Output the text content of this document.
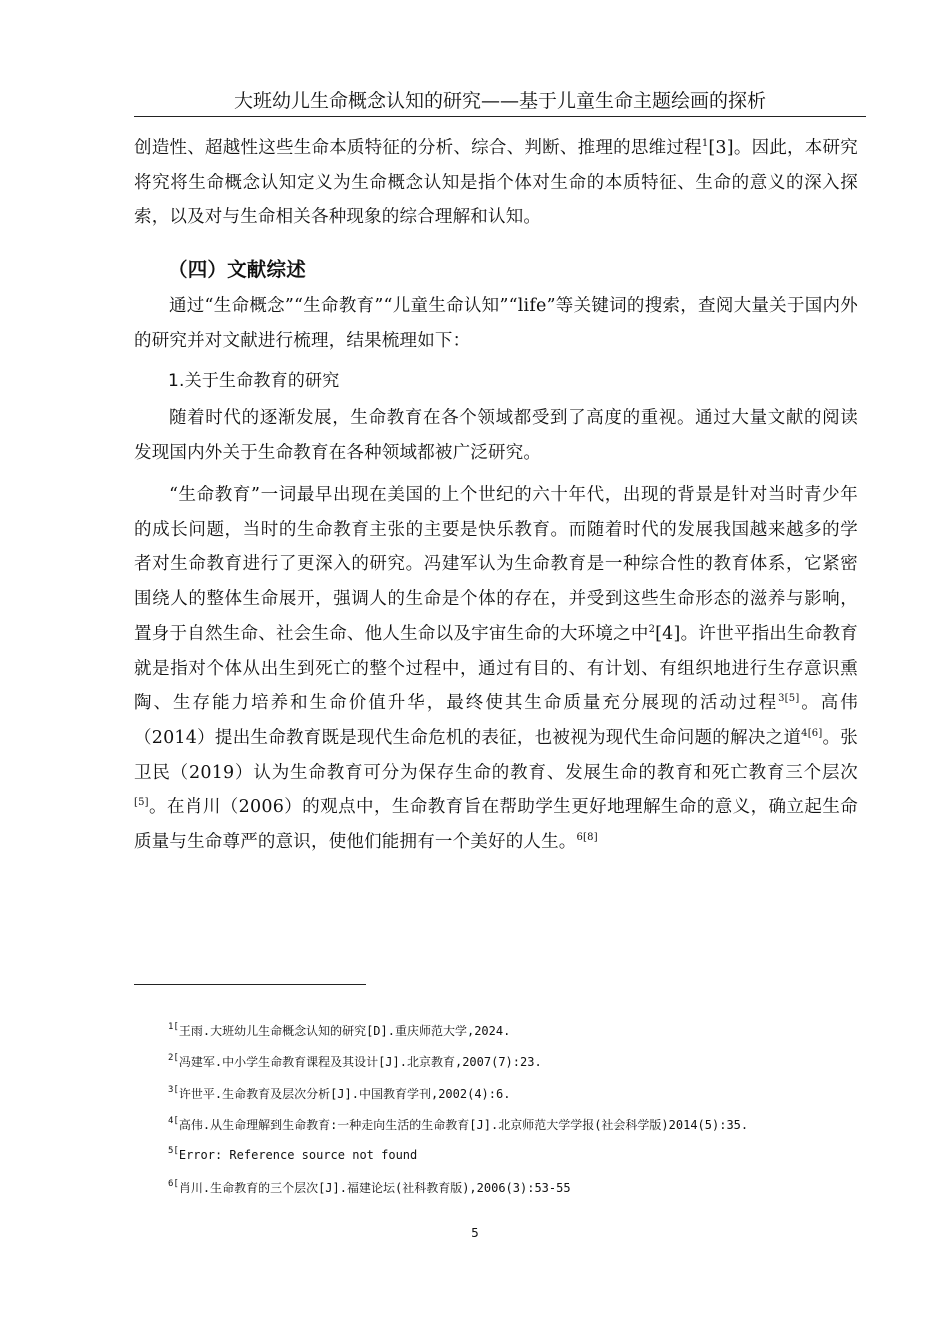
大班幼儿生命概念认知的研究——基于儿童生命主题绘画的探析

创造性、超越性这些生命本质特征的分析、综合、判断、推理的思维过程$^1$[3]。因此，本研究将究将生命概念认知定义为生命概念认知是指个体对生命的本质特征、生命的意义的深入探索，以及对与生命相关各种现象的综合理解和认知。

（四）文献综述

通过“生命概念”“生命教育”“儿童生命认知”“life”等关键词的搜索，查阅大量关于国内外的研究并对文献进行梳理，结果梳理如下：

1.关于生命教育的研究

随着时代的逐渐发展，生命教育在各个领域都受到了高度的重视。通过大量文献的阅读发现国内外关于生命教育在各种领域都被广泛研究。

“生命教育”一词最早出现在美国的上个世纪的六十年代，出现的背景是针对当时青少年的成长问题，当时的生命教育主张的主要是快乐教育。而随着时代的发展我国越来越多的学者对生命教育进行了更深入的研究。冯建军认为生命教育是一种综合性的教育体系，它紧密围绕人的整体生命展开，强调人的生命是个体的存在，并受到这些生命形态的滋养与影响，置身于自然生命、社会生命、他人生命以及宇宙生命的大环境之中$^2$[4]。许世平指出生命教育就是指对个体从出生到死亡的整个过程中，通过有目的、有计划、有组织地进行生存意识熏陶、生存能力培养和生命价值升华，最终使其生命质量充分展现的活动过程$^{3[5]}$。高伟（2014）提出生命教育既是现代生命危机的表征，也被视为现代生命问题的解决之道$^{4[6]}$。张卫民（2019）认为生命教育可分为保存生命的教育、发展生命的教育和死亡教育三个层次[5]。在肖川（2006）的观点中，生命教育旨在帮助学生更好地理解生命的意义，确立起生命质量与生命尊严的意识，使他们能拥有一个美好的人生。$^{6[8]}$

$^{1[}$王雨.大班幼儿生命概念认知的研究[D].重庆师范大学,2024.
$^{2[}$冯建军.中小学生命教育课程及其设计[J].北京教育,2007(7):23.
$^{3[}$许世平.生命教育及层次分析[J].中国教育学刊,2002(4):6.
$^{4[}$高伟.从生命理解到生命教育:一种走向生活的生命教育[J].北京师范大学学报(社会科学版)2014(5):35.
$^{5[}$Error: Reference source not found
$^{6[}$肖川.生命教育的三个层次[J].福建论坛(社科教育版),2006(3):53-55
5
